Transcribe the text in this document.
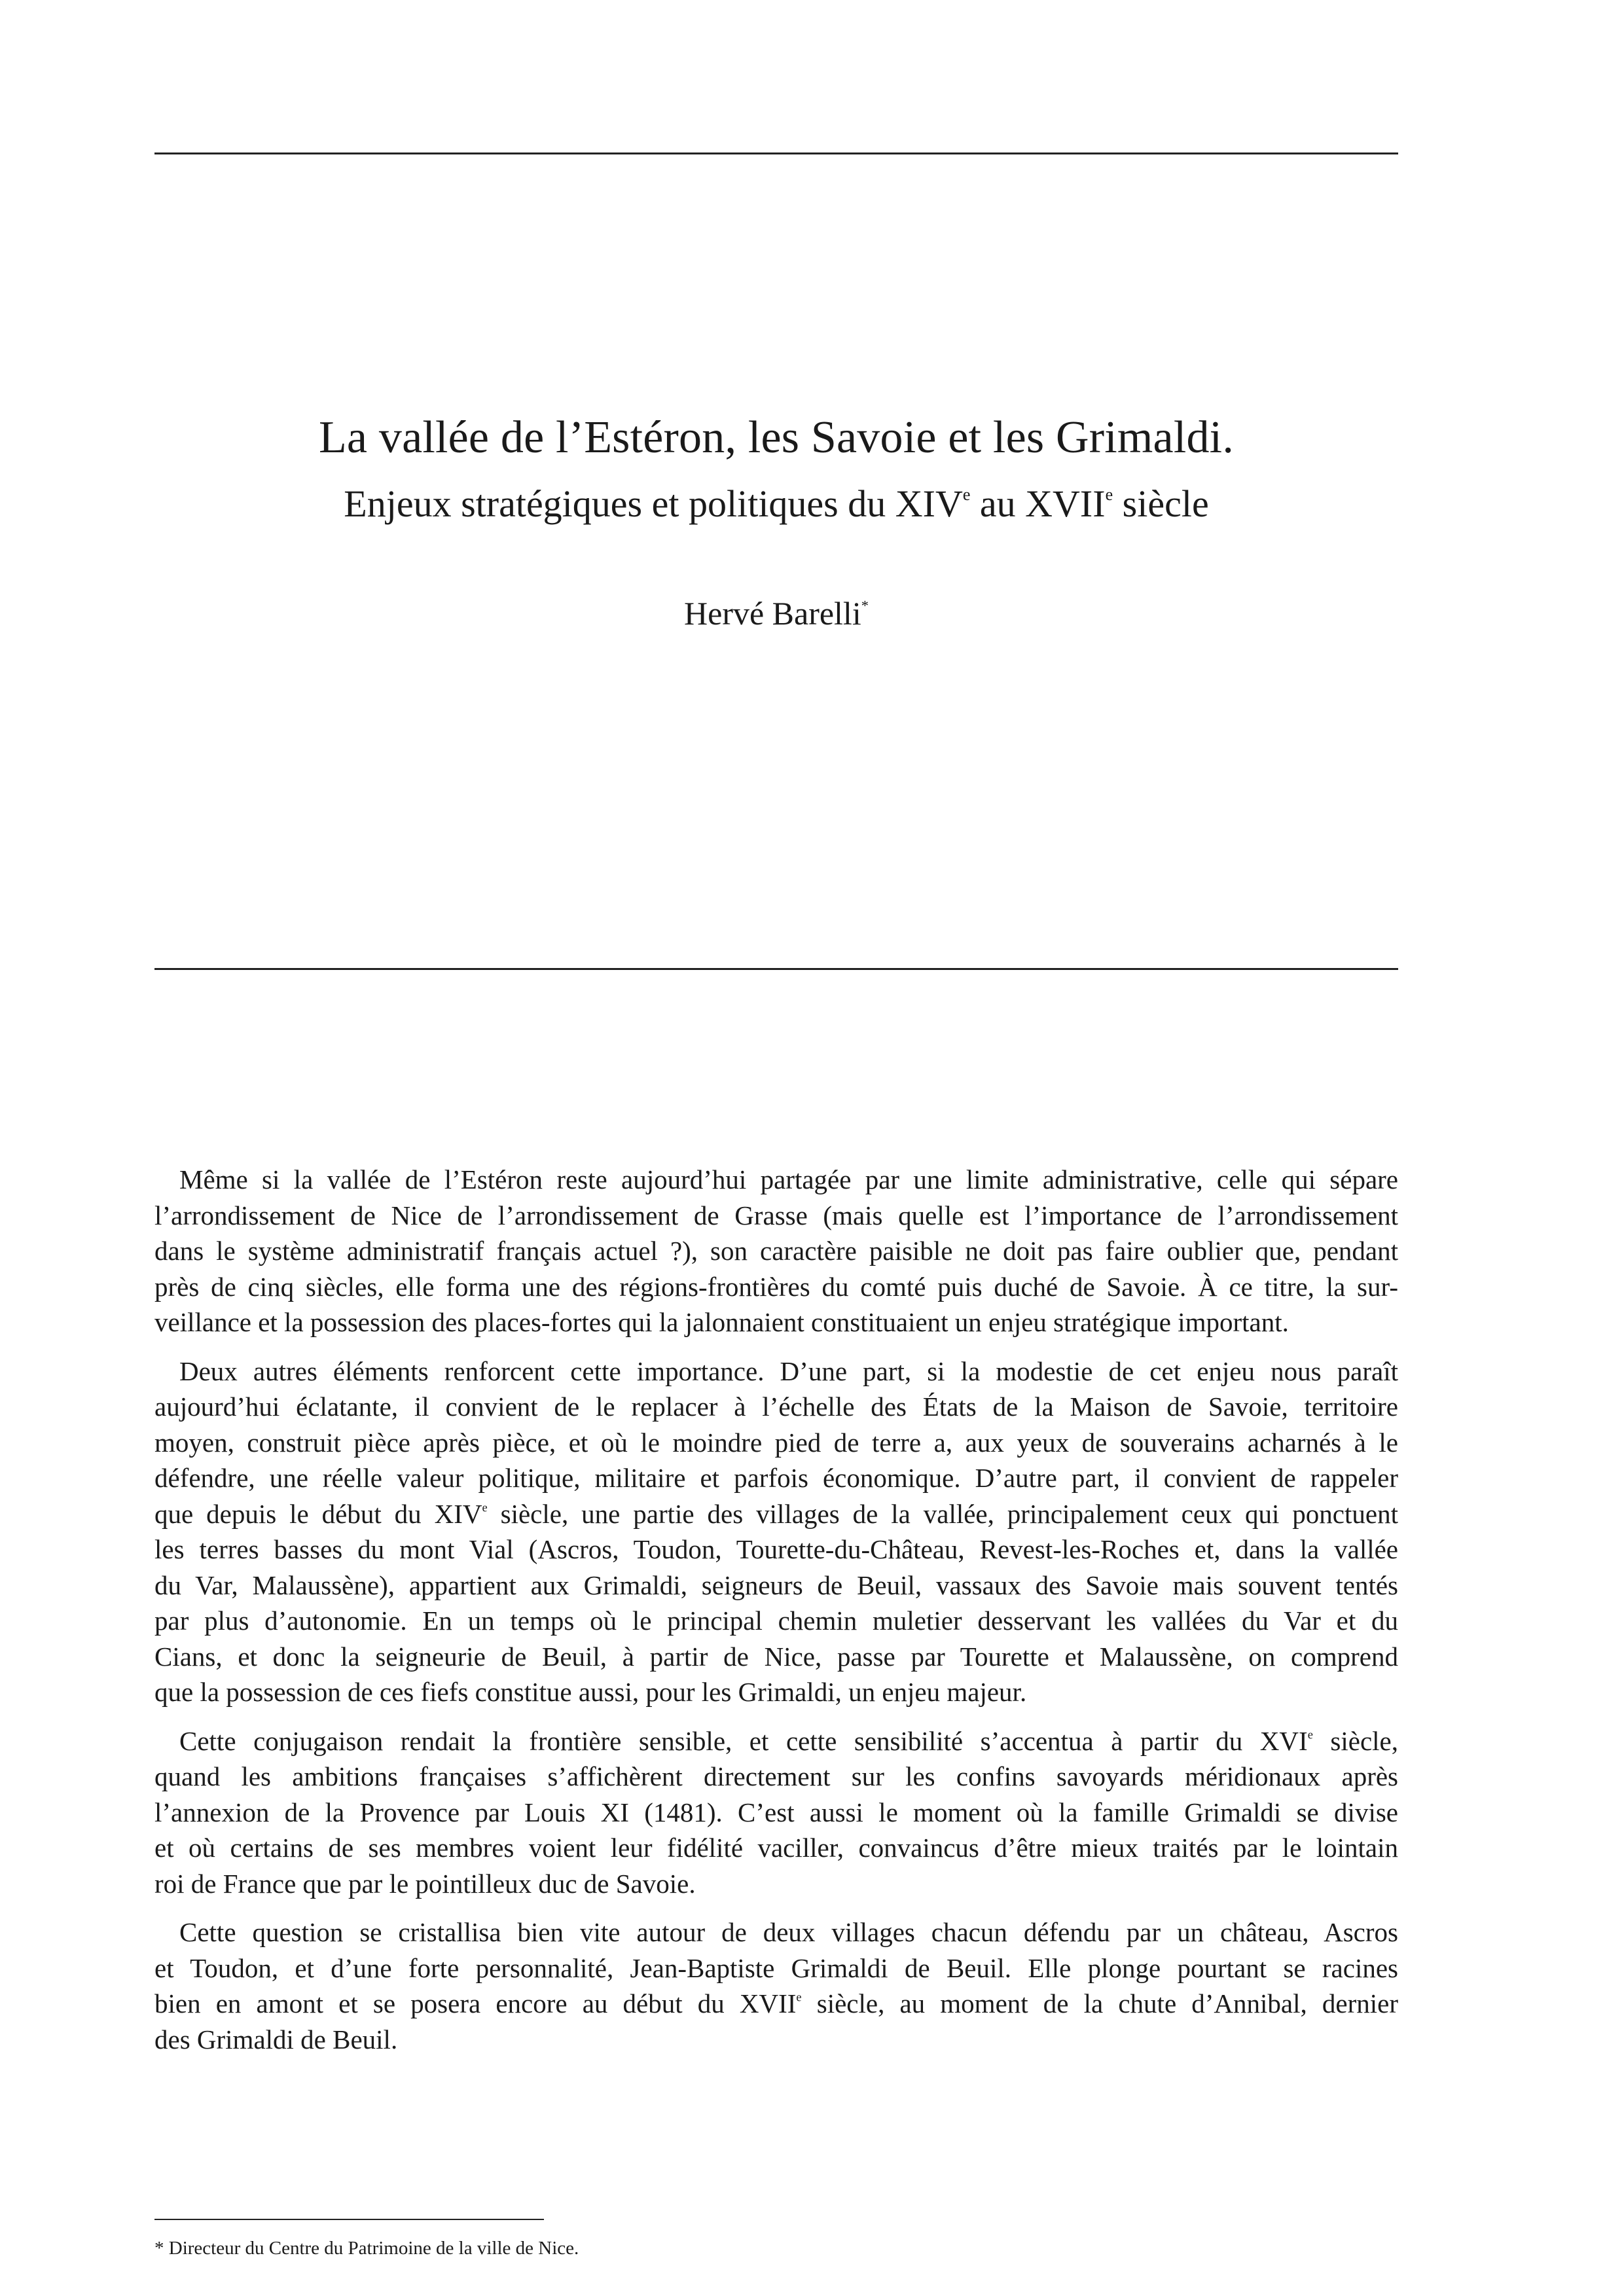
La vallée de l’Estéron, les Savoie et les Grimaldi.
Enjeux stratégiques et politiques du XIVe au XVIIe siècle
Hervé Barelli*

Même si la vallée de l’Estéron reste aujourd’hui partagée par une limite administrative, celle qui sépare
l’arrondissement de Nice de l’arrondissement de Grasse (mais quelle est l’importance de l’arrondissement
dans le système administratif français actuel ?), son caractère paisible ne doit pas faire oublier que, pendant
près de cinq siècles, elle forma une des régions-frontières du comté puis duché de Savoie. À ce titre, la sur-
veillance et la possession des places-fortes qui la jalonnaient constituaient un enjeu stratégique important.

Deux autres éléments renforcent cette importance. D’une part, si la modestie de cet enjeu nous paraît
aujourd’hui éclatante, il convient de le replacer à l’échelle des États de la Maison de Savoie, territoire
moyen, construit pièce après pièce, et où le moindre pied de terre a, aux yeux de souverains acharnés à le
défendre, une réelle valeur politique, militaire et parfois économique. D’autre part, il convient de rappeler
que depuis le début du XIVe siècle, une partie des villages de la vallée, principalement ceux qui ponctuent
les terres basses du mont Vial (Ascros, Toudon, Tourette-du-Château, Revest-les-Roches et, dans la vallée
du Var, Malaussène), appartient aux Grimaldi, seigneurs de Beuil, vassaux des Savoie mais souvent tentés
par plus d’autonomie. En un temps où le principal chemin muletier desservant les vallées du Var et du
Cians, et donc la seigneurie de Beuil, à partir de Nice, passe par Tourette et Malaussène, on comprend
que la possession de ces fiefs constitue aussi, pour les Grimaldi, un enjeu majeur.

Cette conjugaison rendait la frontière sensible, et cette sensibilité s’accentua à partir du XVIe siècle,
quand les ambitions françaises s’affichèrent directement sur les confins savoyards méridionaux après
l’annexion de la Provence par Louis XI (1481). C’est aussi le moment où la famille Grimaldi se divise
et où certains de ses membres voient leur fidélité vaciller, convaincus d’être mieux traités par le lointain
roi de France que par le pointilleux duc de Savoie.

Cette question se cristallisa bien vite autour de deux villages chacun défendu par un château, Ascros
et Toudon, et d’une forte personnalité, Jean-Baptiste Grimaldi de Beuil. Elle plonge pourtant se racines
bien en amont et se posera encore au début du XVIIe siècle, au moment de la chute d’Annibal, dernier
des Grimaldi de Beuil.

* Directeur du Centre du Patrimoine de la ville de Nice.
